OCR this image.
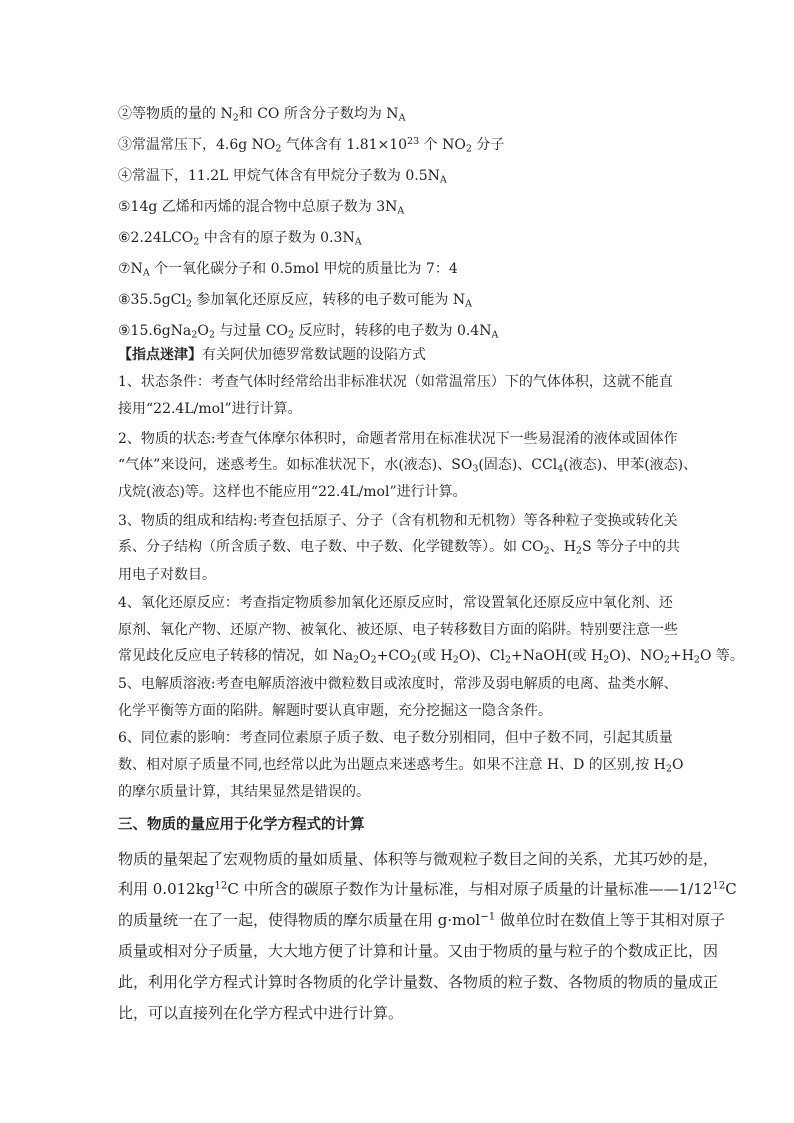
②等物质的量的 $N_2$和 CO 所含分子数均为 $N_A$
③常温常压下，4.6g $NO_2$ 气体含有 $1.81\times 10^{23}$ 个 $NO_2$ 分子
④常温下，11.2L 甲烷气体含有甲烷分子数为 $0.5N_A$
⑤14g 乙烯和丙烯的混合物中总原子数为 $3N_A$
$⑥2.24LCO_2$ 中含有的原子数为 $0.3N_A$
$⑦N_A$ 个一氧化碳分子和 0.5mol 甲烷的质量比为 7：4
⑧35.5gCl$_2$ 参加氧化还原反应，转移的电子数可能为 $N_A$
$⑨15.6gNa_2O_2$ 与过量 $CO_2$ 反应时，转移的电子数为 $0.4N_A$
【指点迷津】有关阿伏加德罗常数试题的设陷方式
1、状态条件：考查气体时经常给出非标准状况（如常温常压）下的气体体积，这就不能直
接用“22.4L/mol”进行计算。
2、物质的状态:考查气体摩尔体积时，命题者常用在标准状况下一些易混淆的液体或固体作
“气体”来设问，迷惑考生。如标准状况下，水(液态)、$SO_3$(固态)、CCl$_4$(液态)、甲苯(液态)、
戊烷(液态)等。这样也不能应用“22.4L/mol”进行计算。
3、物质的组成和结构:考查包括原子、分子（含有机物和无机物）等各种粒子变换或转化关
系、分子结构（所含质子数、电子数、中子数、化学键数等）。如 $CO_2$、$H_2S$ 等分子中的共
用电子对数目。
4、氧化还原反应：考查指定物质参加氧化还原反应时，常设置氧化还原反应中氧化剂、还
原剂、氧化产物、还原产物、被氧化、被还原、电子转移数目方面的陷阱。特别要注意一些
常见歧化反应电子转移的情况，如 $Na_2O_2+CO_2$(或 $H_2O$)、$Cl_2+NaOH$(或 $H_2O$)、$NO_2+H_2O$ 等。
5、电解质溶液:考查电解质溶液中微粒数目或浓度时，常涉及弱电解质的电离、盐类水解、
化学平衡等方面的陷阱。解题时要认真审题，充分挖掘这一隐含条件。
6、同位素的影响：考查同位素原子质子数、电子数分别相同，但中子数不同，引起其质量
数、相对原子质量不同,也经常以此为出题点来迷惑考生。如果不注意 H、D 的区别,按 $H_2O$
的摩尔质量计算，其结果显然是错误的。
三、物质的量应用于化学方程式的计算
物质的量架起了宏观物质的量如质量、体积等与微观粒子数目之间的关系，尤其巧妙的是，
利用 $0.012kg^{12}C$ 中所含的碳原子数作为计量标准，与相对原子质量的计量标准$——1/12^{12}C$
的质量统一在了一起，使得物质的摩尔质量在用 g·mol$^{-1}$ 做单位时在数值上等于其相对原子
质量或相对分子质量，大大地方便了计算和计量。又由于物质的量与粒子的个数成正比，因
此，利用化学方程式计算时各物质的化学计量数、各物质的粒子数、各物质的物质的量成正
比，可以直接列在化学方程式中进行计算。
